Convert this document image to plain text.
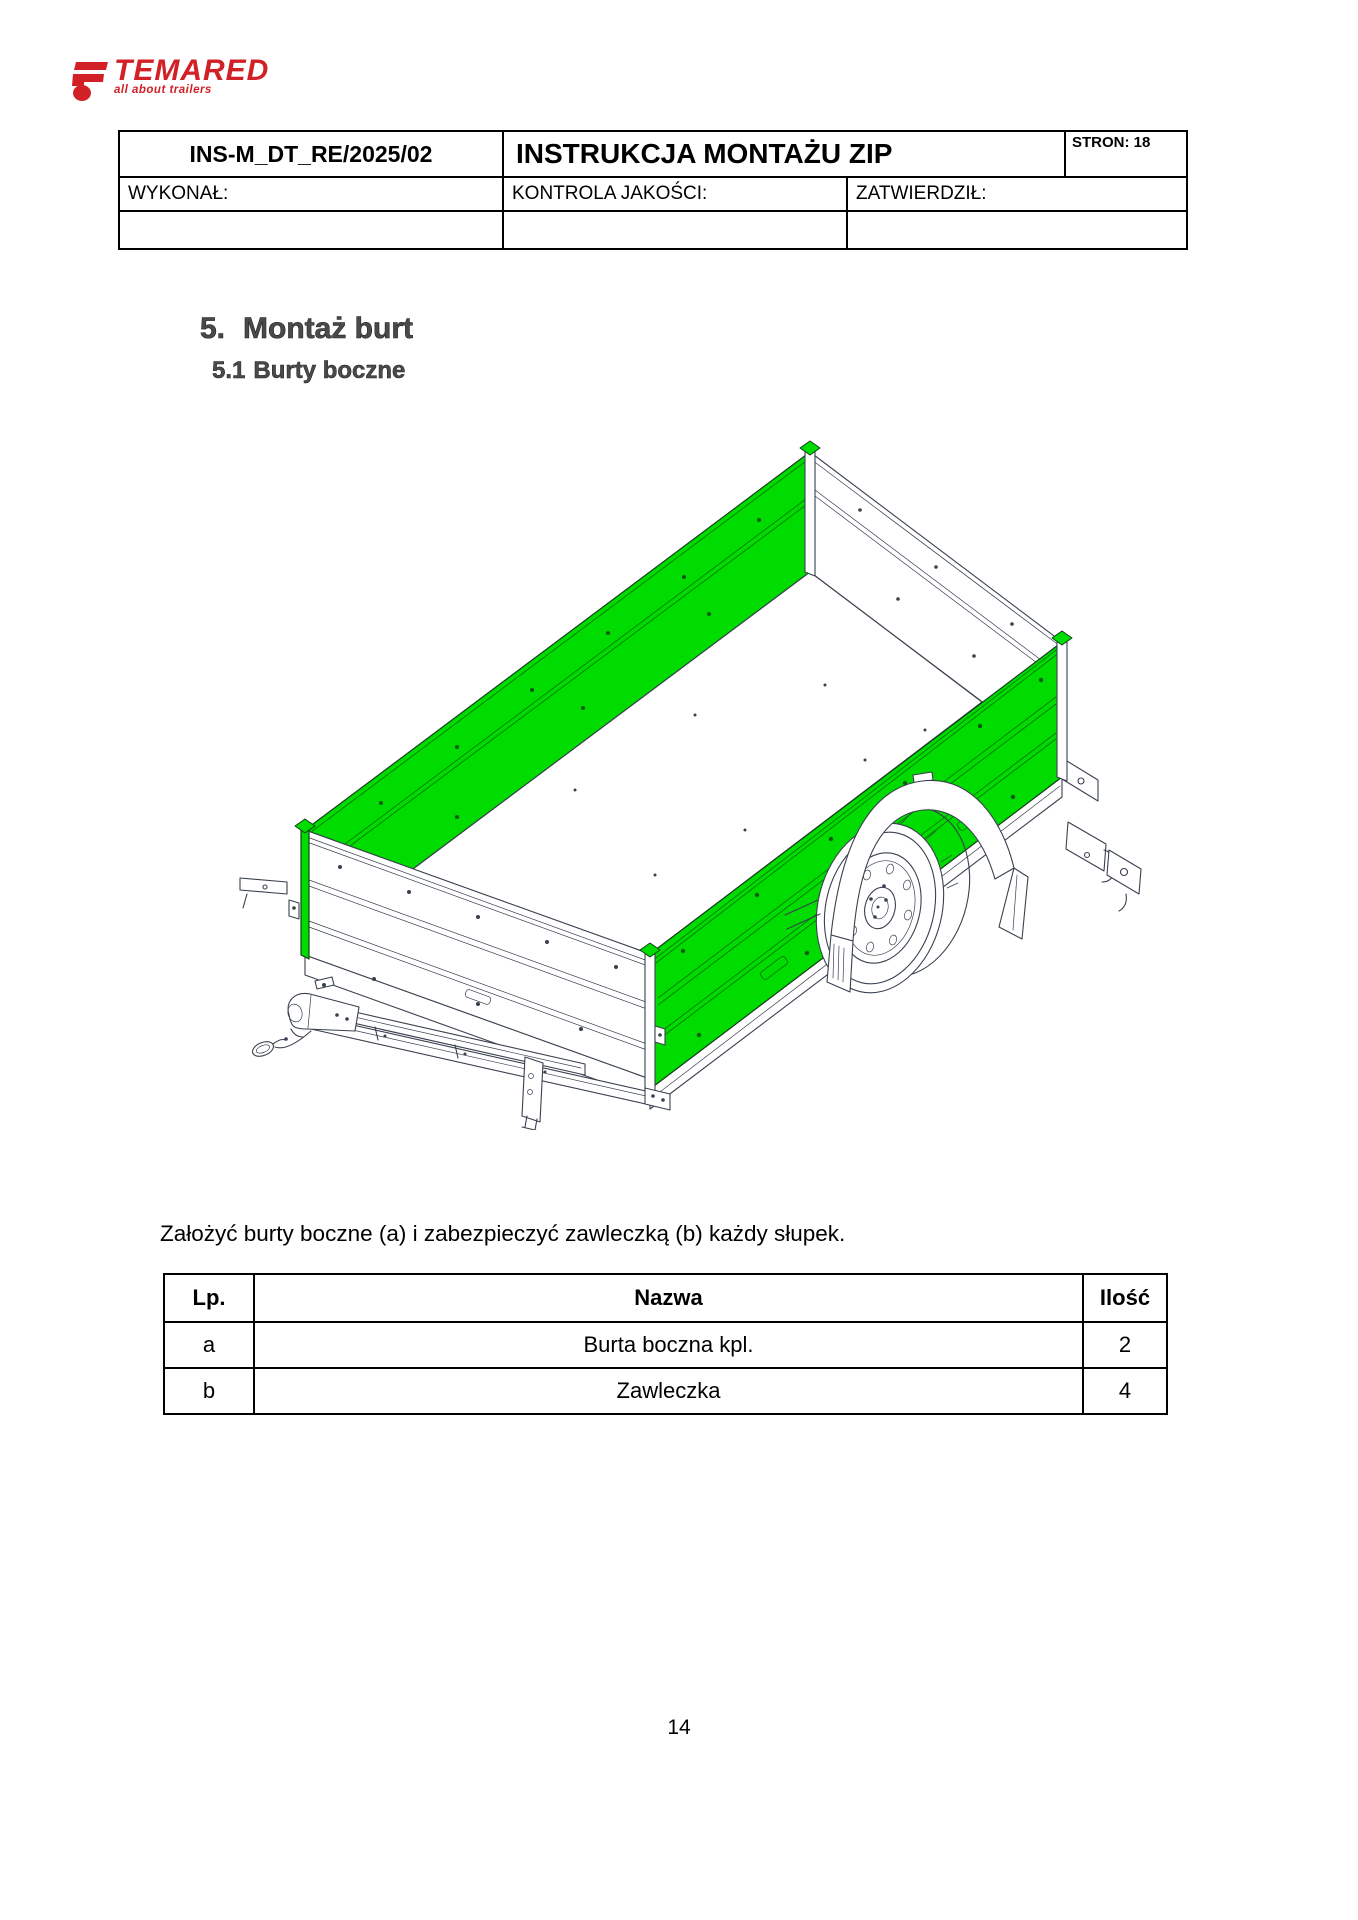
TEMARED
all about trailers
INS-M_DT_RE/2025/02	INSTRUKCJA MONTAŻU ZIP	STRON: 18
WYKONAŁ:	KONTROLA JAKOŚCI:	ZATWIERDZIŁ:
5. Montaż burt
5.1 Burty boczne
Założyć burty boczne (a) i zabezpieczyć zawleczką (b) każdy słupek.
Lp.	Nazwa	Ilość
a	Burta boczna kpl.	2
b	Zawleczka	4
14
